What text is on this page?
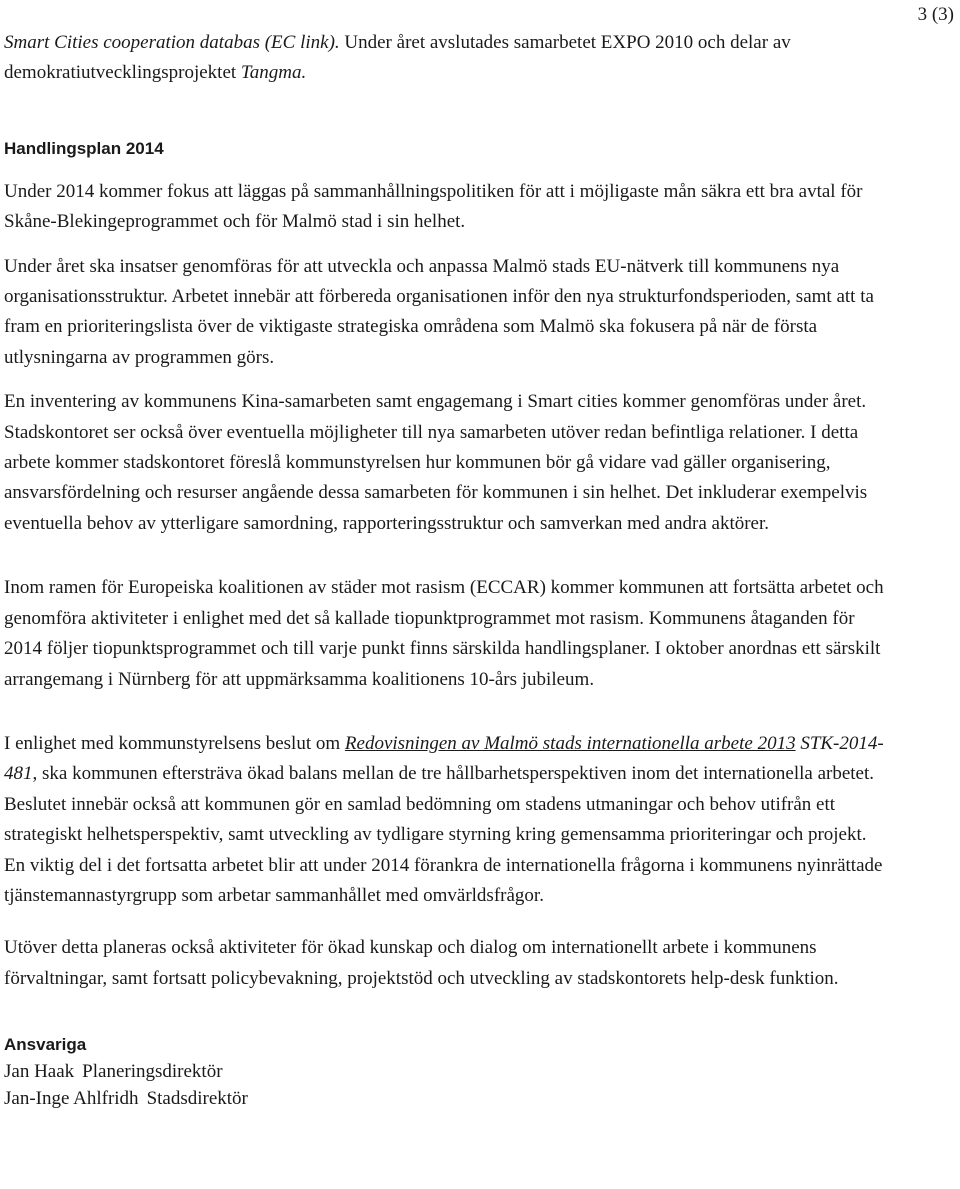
3 (3)

Smart Cities cooperation databas (EC link). Under året avslutades samarbetet EXPO 2010 och delar av demokratiutvecklingsprojektet Tangma.

Handlingsplan 2014

Under 2014 kommer fokus att läggas på sammanhållningspolitiken för att i möjligaste mån säkra ett bra avtal för Skåne-Blekingeprogrammet och för Malmö stad i sin helhet.

Under året ska insatser genomföras för att utveckla och anpassa Malmö stads EU-nätverk till kommunens nya organisationsstruktur. Arbetet innebär att förbereda organisationen inför den nya strukturfondsperioden, samt att ta fram en prioriteringslista över de viktigaste strategiska områdena som Malmö ska fokusera på när de första utlysningarna av programmen görs.

En inventering av kommunens Kina-samarbeten samt engagemang i Smart cities kommer genomföras under året. Stadskontoret ser också över eventuella möjligheter till nya samarbeten utöver redan befintliga relationer. I detta arbete kommer stadskontoret föreslå kommunstyrelsen hur kommunen bör gå vidare vad gäller organisering, ansvarsfördelning och resurser angående dessa samarbeten för kommunen i sin helhet. Det inkluderar exempelvis eventuella behov av ytterligare samordning, rapporteringsstruktur och samverkan med andra aktörer.

Inom ramen för Europeiska koalitionen av städer mot rasism (ECCAR) kommer kommunen att fortsätta arbetet och genomföra aktiviteter i enlighet med det så kallade tiopunktprogrammet mot rasism. Kommunens åtaganden för 2014 följer tiopunktsprogrammet och till varje punkt finns särskilda handlingsplaner. I oktober anordnas ett särskilt arrangemang i Nürnberg för att uppmärksamma koalitionens 10-års jubileum.

I enlighet med kommunstyrelsens beslut om Redovisningen av Malmö stads internationella arbete 2013 STK-2014-481, ska kommunen eftersträva ökad balans mellan de tre hållbarhetsperspektiven inom det internationella arbetet. Beslutet innebär också att kommunen gör en samlad bedömning om stadens utmaningar och behov utifrån ett strategiskt helhetsperspektiv, samt utveckling av tydligare styrning kring gemensamma prioriteringar och projekt. En viktig del i det fortsatta arbetet blir att under 2014 förankra de internationella frågorna i kommunens nyinrättade tjänstemannastyrgrupp som arbetar sammanhållet med omvärldsfrågor.

Utöver detta planeras också aktiviteter för ökad kunskap och dialog om internationellt arbete i kommunens förvaltningar, samt fortsatt policybevakning, projektstöd och utveckling av stadskontorets help-desk funktion.

Ansvariga

Jan Haak Planeringsdirektör

Jan-Inge Ahlfridh Stadsdirektör
